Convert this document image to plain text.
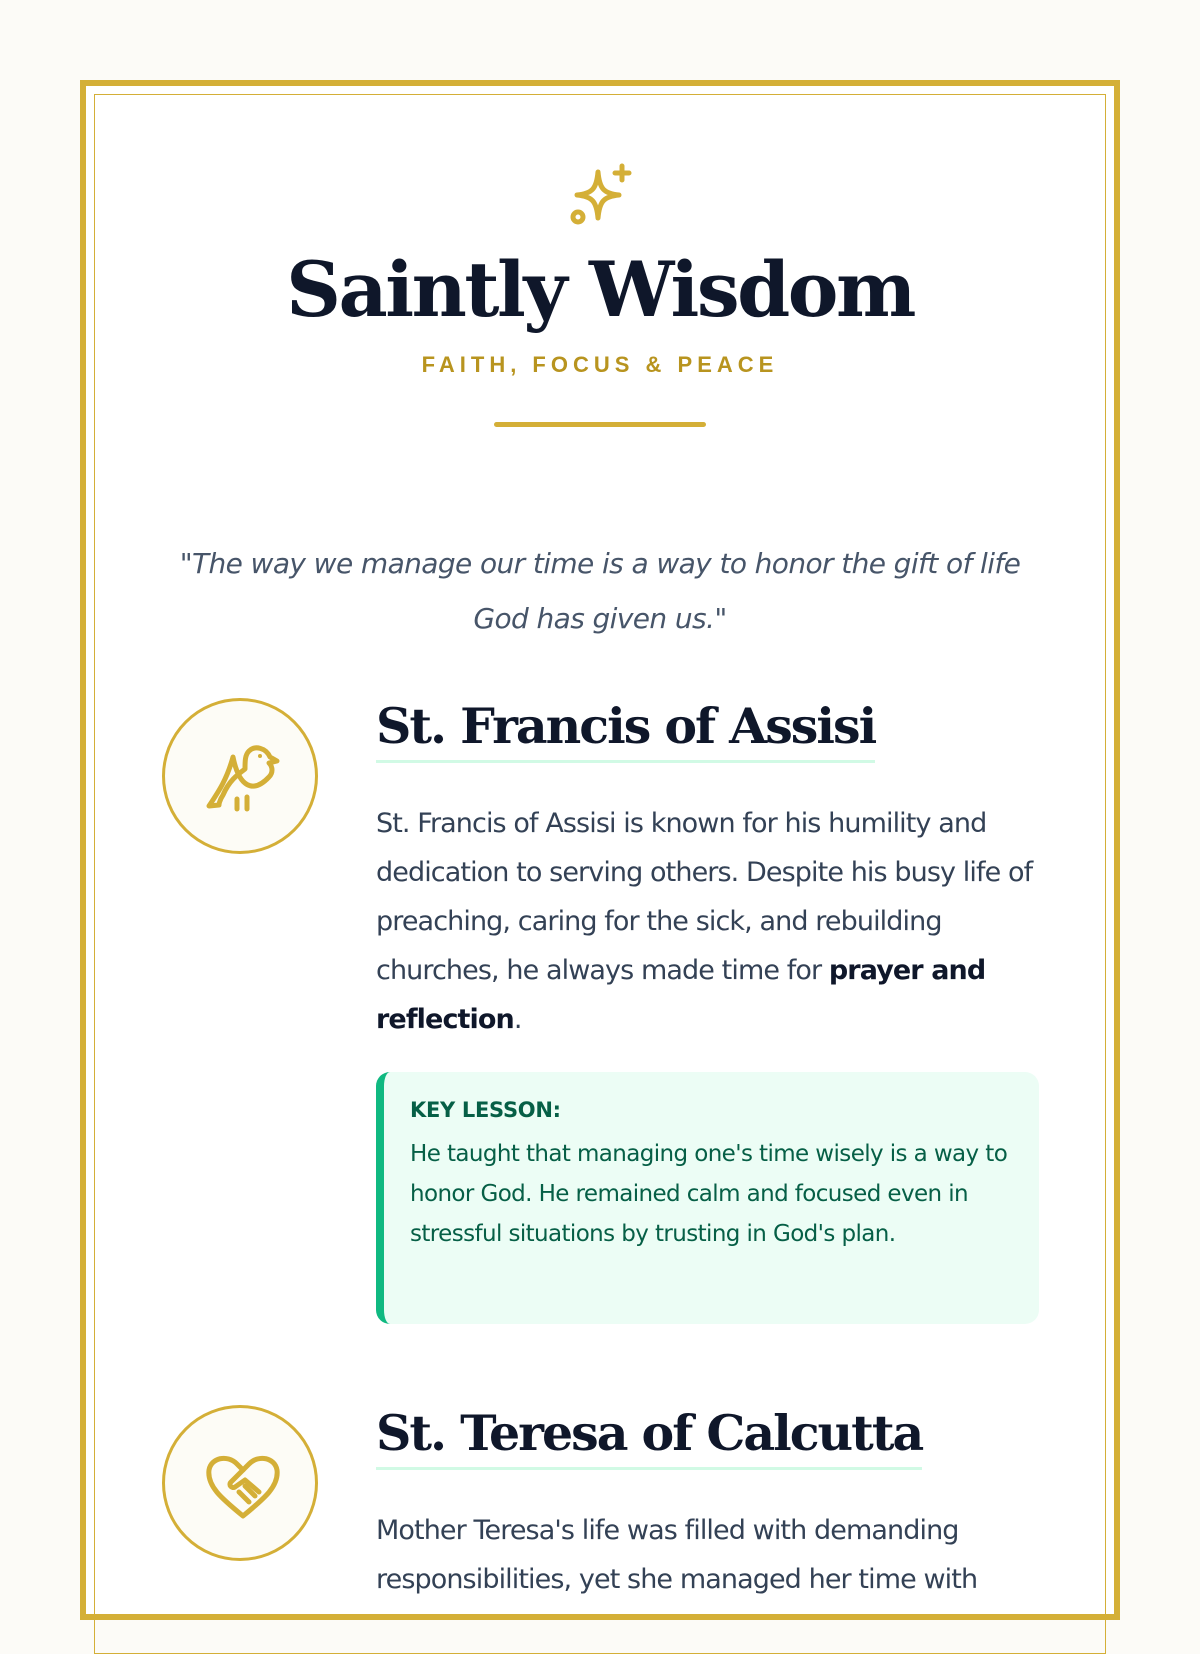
Saintly Wisdom
FAITH, FOCUS & PEACE

"The way we manage our time is a way to honor the gift of life God has given us."

St. Francis of Assisi

St. Francis of Assisi is known for his humility and dedication to serving others. Despite his busy life of preaching, caring for the sick, and rebuilding churches, he always made time for prayer and reflection.

KEY LESSON:

He taught that managing one's time wisely is a way to honor God. He remained calm and focused even in stressful situations by trusting in God's plan.

St. Teresa of Calcutta

Mother Teresa's life was filled with demanding responsibilities, yet she managed her time with
